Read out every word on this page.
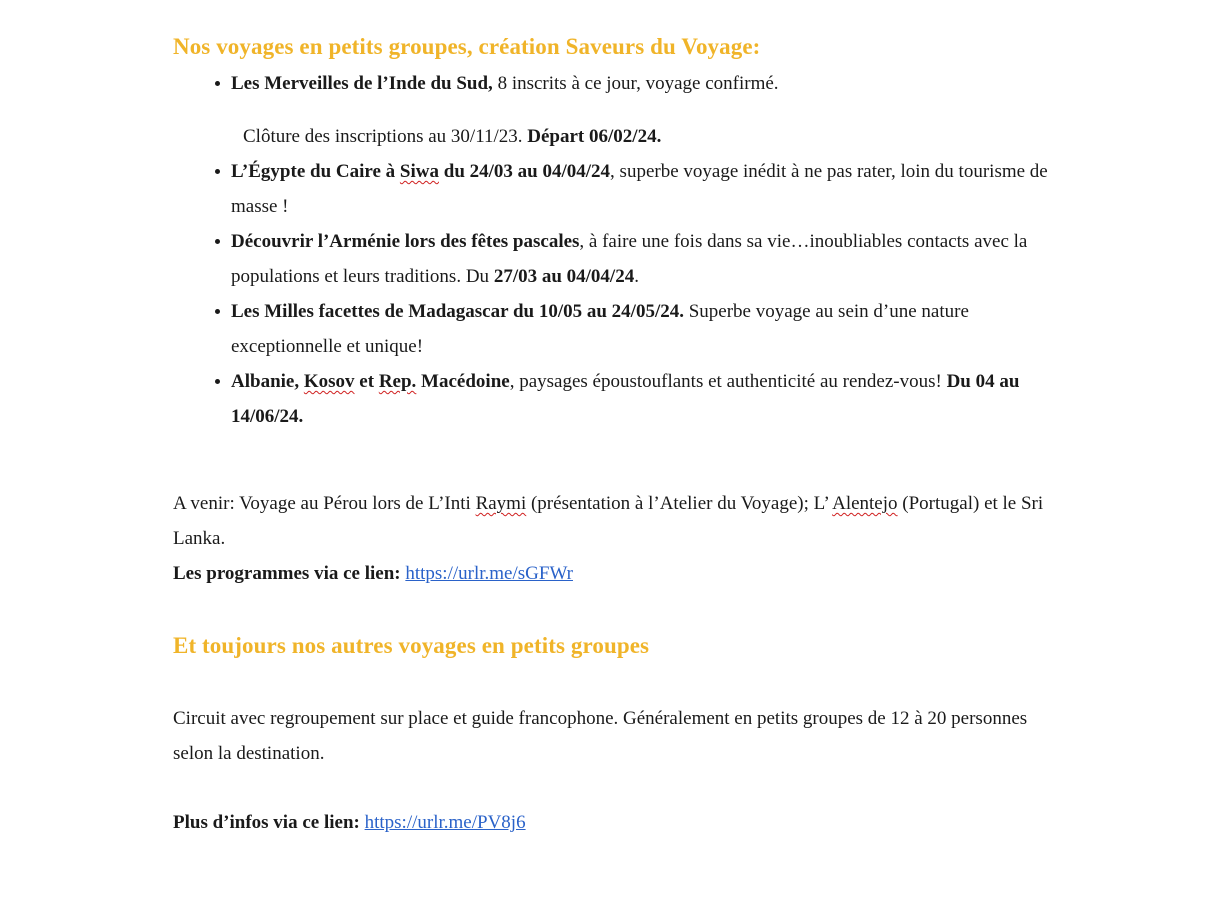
Nos voyages en petits groupes, création Saveurs du Voyage:
Les Merveilles de l’Inde du Sud, 8 inscrits à ce jour, voyage confirmé.
Clôture des inscriptions au 30/11/23. Départ 06/02/24.
L’Égypte du Caire à Siwa du 24/03 au 04/04/24, superbe voyage inédit à ne pas rater, loin du tourisme de masse !
Découvrir l’Arménie lors des fêtes pascales, à faire une fois dans sa vie…inoubliables contacts avec la populations et leurs traditions. Du 27/03 au 04/04/24.
Les Milles facettes de Madagascar du 10/05 au 24/05/24. Superbe voyage au sein d’une nature exceptionnelle et unique!
Albanie, Kosov et Rep. Macédoine, paysages époustouflants et authenticité au rendez-vous! Du 04 au 14/06/24.

A venir: Voyage au Pérou lors de L’Inti Raymi (présentation à l’Atelier du Voyage); L’ Alentejo (Portugal) et le Sri Lanka.

Les programmes via ce lien: https://urlr.me/sGFWr

Et toujours nos autres voyages en petits groupes

Circuit avec regroupement sur place et guide francophone. Généralement en petits groupes de 12 à 20 personnes selon la destination.

Plus d’infos via ce lien: https://urlr.me/PV8j6
